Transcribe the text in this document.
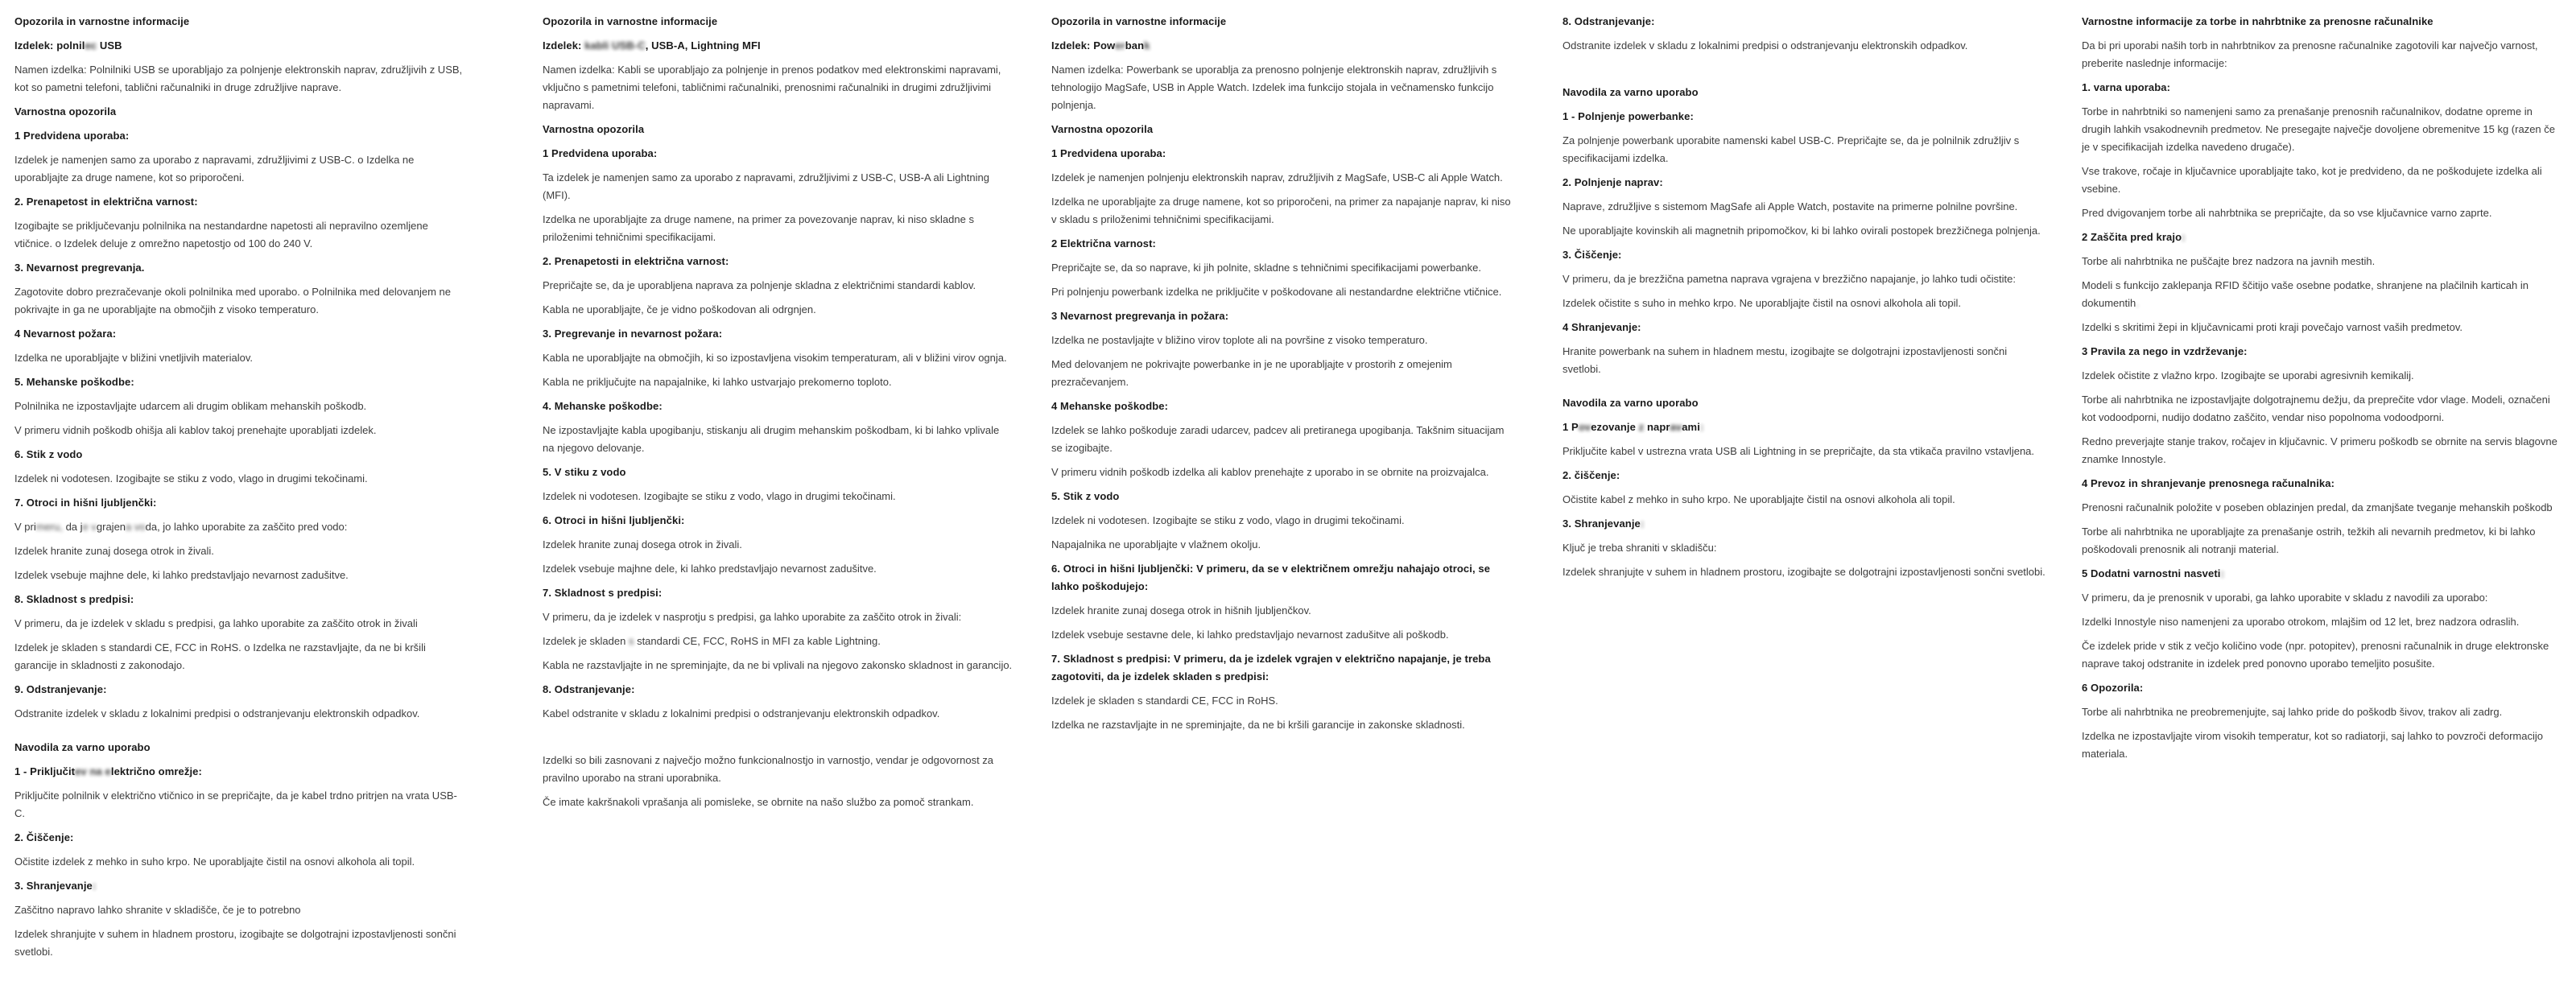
Opozorila in varnostne informacije

Izdelek: polnilec USB

Namen izdelka: Polnilniki USB se uporabljajo za polnjenje elektronskih naprav, združljivih z USB, kot so pametni telefoni, tablični računalniki in druge združljive naprave.

Varnostna opozorila

1 Predvidena uporaba:

Izdelek je namenjen samo za uporabo z napravami, združljivimi z USB-C. o Izdelka ne uporabljajte za druge namene, kot so priporočeni.

2. Prenapetost in električna varnost:

Izogibajte se priključevanju polnilnika na nestandardne napetosti ali nepravilno ozemljene vtičnice. o Izdelek deluje z omrežno napetostjo od 100 do 240 V.

3. Nevarnost pregrevanja.

Zagotovite dobro prezračevanje okoli polnilnika med uporabo. o Polnilnika med delovanjem ne pokrivajte in ga ne uporabljajte na območjih z visoko temperaturo.

4 Nevarnost požara:

Izdelka ne uporabljajte v bližini vnetljivih materialov.

5. Mehanske poškodbe:

Polnilnika ne izpostavljajte udarcem ali drugim oblikam mehanskih poškodb.

V primeru vidnih poškodb ohišja ali kablov takoj prenehajte uporabljati izdelek.

6. Stik z vodo

Izdelek ni vodotesen. Izogibajte se stiku z vodo, vlago in drugimi tekočinami.

7. Otroci in hišni ljubljenčki:

V primeru, da je vgrajena voda, jo lahko uporabite za zaščito pred vodo:

Izdelek hranite zunaj dosega otrok in živali.

Izdelek vsebuje majhne dele, ki lahko predstavljajo nevarnost zadušitve.

8. Skladnost s predpisi:

V primeru, da je izdelek v skladu s predpisi, ga lahko uporabite za zaščito otrok in živali

Izdelek je skladen s standardi CE, FCC in RoHS. o Izdelka ne razstavljajte, da ne bi kršili garancije in skladnosti z zakonodajo.

9. Odstranjevanje:

Odstranite izdelek v skladu z lokalnimi predpisi o odstranjevanju elektronskih odpadkov.

Navodila za varno uporabo

1 - Priključitev na električno omrežje:

Priključite polnilnik v električno vtičnico in se prepričajte, da je kabel trdno pritrjen na vrata USB-C.

2. Čiščenje:

Očistite izdelek z mehko in suho krpo. Ne uporabljajte čistil na osnovi alkohola ali topil.

3. Shranjevanje:

Zaščitno napravo lahko shranite v skladišče, če je to potrebno

Izdelek shranjujte v suhem in hladnem prostoru, izogibajte se dolgotrajni izpostavljenosti sončni svetlobi.

Opozorila in varnostne informacije

Izdelek: kabli USB-C, USB-A, Lightning MFI

Namen izdelka: Kabli se uporabljajo za polnjenje in prenos podatkov med elektronskimi napravami, vključno s pametnimi telefoni, tabličnimi računalniki, prenosnimi računalniki in drugimi združljivimi napravami.

Varnostna opozorila

1 Predvidena uporaba:

Ta izdelek je namenjen samo za uporabo z napravami, združljivimi z USB-C, USB-A ali Lightning (MFI).

Izdelka ne uporabljajte za druge namene, na primer za povezovanje naprav, ki niso skladne s priloženimi tehničnimi specifikacijami.

2. Prenapetosti in električna varnost:

Prepričajte se, da je uporabljena naprava za polnjenje skladna z električnimi standardi kablov.

Kabla ne uporabljajte, če je vidno poškodovan ali odrgnjen.

3. Pregrevanje in nevarnost požara:

Kabla ne uporabljajte na območjih, ki so izpostavljena visokim temperaturam, ali v bližini virov ognja.

Kabla ne priključujte na napajalnike, ki lahko ustvarjajo prekomerno toploto.

4. Mehanske poškodbe:

Ne izpostavljajte kabla upogibanju, stiskanju ali drugim mehanskim poškodbam, ki bi lahko vplivale na njegovo delovanje.

5. V stiku z vodo

Izdelek ni vodotesen. Izogibajte se stiku z vodo, vlago in drugimi tekočinami.

6. Otroci in hišni ljubljenčki:

Izdelek hranite zunaj dosega otrok in živali.

Izdelek vsebuje majhne dele, ki lahko predstavljajo nevarnost zadušitve.

7. Skladnost s predpisi:

V primeru, da je izdelek v nasprotju s predpisi, ga lahko uporabite za zaščito otrok in živali:

Izdelek je skladen s standardi CE, FCC, RoHS in MFI za kable Lightning.

Kabla ne razstavljajte in ne spreminjajte, da ne bi vplivali na njegovo zakonsko skladnost in garancijo.

8. Odstranjevanje:

Kabel odstranite v skladu z lokalnimi predpisi o odstranjevanju elektronskih odpadkov.

Izdelki so bili zasnovani z največjo možno funkcionalnostjo in varnostjo, vendar je odgovornost za pravilno uporabo na strani uporabnika.

Če imate kakršnakoli vprašanja ali pomisleke, se obrnite na našo službo za pomoč strankam.

Opozorila in varnostne informacije

Izdelek: Powerbank

Namen izdelka: Powerbank se uporablja za prenosno polnjenje elektronskih naprav, združljivih s tehnologijo MagSafe, USB in Apple Watch. Izdelek ima funkcijo stojala in večnamensko funkcijo polnjenja.

Varnostna opozorila

1 Predvidena uporaba:

Izdelek je namenjen polnjenju elektronskih naprav, združljivih z MagSafe, USB-C ali Apple Watch.

Izdelka ne uporabljajte za druge namene, kot so priporočeni, na primer za napajanje naprav, ki niso v skladu s priloženimi tehničnimi specifikacijami.

2 Električna varnost:

Prepričajte se, da so naprave, ki jih polnite, skladne s tehničnimi specifikacijami powerbanke.

Pri polnjenju powerbank izdelka ne priključite v poškodovane ali nestandardne električne vtičnice.

3 Nevarnost pregrevanja in požara:

Izdelka ne postavljajte v bližino virov toplote ali na površine z visoko temperaturo.

Med delovanjem ne pokrivajte powerbanke in je ne uporabljajte v prostorih z omejenim prezračevanjem.

4 Mehanske poškodbe:

Izdelek se lahko poškoduje zaradi udarcev, padcev ali pretiranega upogibanja. Takšnim situacijam se izogibajte.

V primeru vidnih poškodb izdelka ali kablov prenehajte z uporabo in se obrnite na proizvajalca.

5. Stik z vodo

Izdelek ni vodotesen. Izogibajte se stiku z vodo, vlago in drugimi tekočinami.

Napajalnika ne uporabljajte v vlažnem okolju.

6. Otroci in hišni ljubljenčki: V primeru, da se v električnem omrežju nahajajo otroci, se lahko poškodujejo:

Izdelek hranite zunaj dosega otrok in hišnih ljubljenčkov.

Izdelek vsebuje sestavne dele, ki lahko predstavljajo nevarnost zadušitve ali poškodb.

7. Skladnost s predpisi: V primeru, da je izdelek vgrajen v električno napajanje, je treba zagotoviti, da je izdelek skladen s predpisi:

Izdelek je skladen s standardi CE, FCC in RoHS.

Izdelka ne razstavljajte in ne spreminjajte, da ne bi kršili garancije in zakonske skladnosti.

8. Odstranjevanje:

Odstranite izdelek v skladu z lokalnimi predpisi o odstranjevanju elektronskih odpadkov.

Navodila za varno uporabo

1 - Polnjenje powerbanke:

Za polnjenje powerbank uporabite namenski kabel USB-C. Prepričajte se, da je polnilnik združljiv s specifikacijami izdelka.

2. Polnjenje naprav:

Naprave, združljive s sistemom MagSafe ali Apple Watch, postavite na primerne polnilne površine.

Ne uporabljajte kovinskih ali magnetnih pripomočkov, ki bi lahko ovirali postopek brezžičnega polnjenja.

3. Čiščenje:

V primeru, da je brezžična pametna naprava vgrajena v brezžično napajanje, jo lahko tudi očistite:

Izdelek očistite s suho in mehko krpo. Ne uporabljajte čistil na osnovi alkohola ali topil.

4 Shranjevanje:

Hranite powerbank na suhem in hladnem mestu, izogibajte se dolgotrajni izpostavljenosti sončni svetlobi.

Navodila za varno uporabo

1 Povezovanje z napravami:

Priključite kabel v ustrezna vrata USB ali Lightning in se prepričajte, da sta vtikača pravilno vstavljena.

2. čiščenje:

Očistite kabel z mehko in suho krpo. Ne uporabljajte čistil na osnovi alkohola ali topil.

3. Shranjevanje:

Ključ je treba shraniti v skladišču:

Izdelek shranjujte v suhem in hladnem prostoru, izogibajte se dolgotrajni izpostavljenosti sončni svetlobi.

Varnostne informacije za torbe in nahrbtnike za prenosne računalnike

Da bi pri uporabi naših torb in nahrbtnikov za prenosne računalnike zagotovili kar največjo varnost, preberite naslednje informacije:

1. varna uporaba:

Torbe in nahrbtniki so namenjeni samo za prenašanje prenosnih računalnikov, dodatne opreme in drugih lahkih vsakodnevnih predmetov. Ne presegajte največje dovoljene obremenitve 15 kg (razen če je v specifikacijah izdelka navedeno drugače).

Vse trakove, ročaje in ključavnice uporabljajte tako, kot je predvideno, da ne poškodujete izdelka ali vsebine.

Pred dvigovanjem torbe ali nahrbtnika se prepričajte, da so vse ključavnice varno zaprte.

2 Zaščita pred krajo:

Torbe ali nahrbtnika ne puščajte brez nadzora na javnih mestih.

Modeli s funkcijo zaklepanja RFID ščitijo vaše osebne podatke, shranjene na plačilnih karticah in dokumentih.

Izdelki s skritimi žepi in ključavnicami proti kraji povečajo varnost vaših predmetov.

3 Pravila za nego in vzdrževanje:

Izdelek očistite z vlažno krpo. Izogibajte se uporabi agresivnih kemikalij.

Torbe ali nahrbtnika ne izpostavljajte dolgotrajnemu dežju, da preprečite vdor vlage. Modeli, označeni kot vodoodporni, nudijo dodatno zaščito, vendar niso popolnoma vodoodporni.

Redno preverjajte stanje trakov, ročajev in ključavnic. V primeru poškodb se obrnite na servis blagovne znamke Innostyle.

4 Prevoz in shranjevanje prenosnega računalnika:

Prenosni računalnik položite v poseben oblazinjen predal, da zmanjšate tveganje mehanskih poškodb

Torbe ali nahrbtnika ne uporabljajte za prenašanje ostrih, težkih ali nevarnih predmetov, ki bi lahko poškodovali prenosnik ali notranji material.

5 Dodatni varnostni nasveti:

V primeru, da je prenosnik v uporabi, ga lahko uporabite v skladu z navodili za uporabo:

Izdelki Innostyle niso namenjeni za uporabo otrokom, mlajšim od 12 let, brez nadzora odraslih.

Če izdelek pride v stik z večjo količino vode (npr. potopitev), prenosni računalnik in druge elektronske naprave takoj odstranite in izdelek pred ponovno uporabo temeljito posušite.

6 Opozorila:

Torbe ali nahrbtnika ne preobremenjujte, saj lahko pride do poškodb šivov, trakov ali zadrg.

Izdelka ne izpostavljajte virom visokih temperatur, kot so radiatorji, saj lahko to povzroči deformacijo materiala.
